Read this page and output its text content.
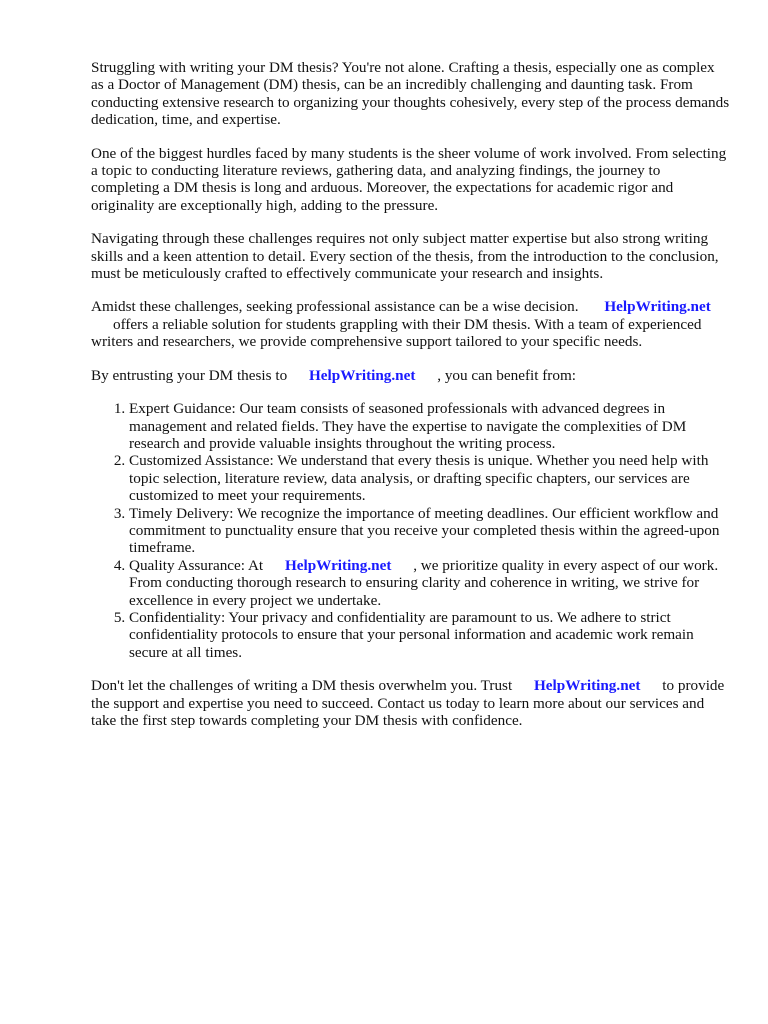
Struggling with writing your DM thesis? You're not alone. Crafting a thesis, especially one as complex as a Doctor of Management (DM) thesis, can be an incredibly challenging and daunting task. From conducting extensive research to organizing your thoughts cohesively, every step of the process demands dedication, time, and expertise.

One of the biggest hurdles faced by many students is the sheer volume of work involved. From selecting a topic to conducting literature reviews, gathering data, and analyzing findings, the journey to completing a DM thesis is long and arduous. Moreover, the expectations for academic rigor and originality are exceptionally high, adding to the pressure.

Navigating through these challenges requires not only subject matter expertise but also strong writing skills and a keen attention to detail. Every section of the thesis, from the introduction to the conclusion, must be meticulously crafted to effectively communicate your research and insights.

Amidst these challenges, seeking professional assistance can be a wise decision. HelpWriting.net
offers a reliable solution for students grappling with their DM thesis. With a team of experienced writers and researchers, we provide comprehensive support tailored to your specific needs.

By entrusting your DM thesis to HelpWriting.net , you can benefit from:

1. Expert Guidance: Our team consists of seasoned professionals with advanced degrees in management and related fields. They have the expertise to navigate the complexities of DM research and provide valuable insights throughout the writing process.
2. Customized Assistance: We understand that every thesis is unique. Whether you need help with topic selection, literature review, data analysis, or drafting specific chapters, our services are customized to meet your requirements.
3. Timely Delivery: We recognize the importance of meeting deadlines. Our efficient workflow and commitment to punctuality ensure that you receive your completed thesis within the agreed-upon timeframe.
4. Quality Assurance: At HelpWriting.net , we prioritize quality in every aspect of our work. From conducting thorough research to ensuring clarity and coherence in writing, we strive for excellence in every project we undertake.
5. Confidentiality: Your privacy and confidentiality are paramount to us. We adhere to strict confidentiality protocols to ensure that your personal information and academic work remain secure at all times.

Don't let the challenges of writing a DM thesis overwhelm you. Trust HelpWriting.net to provide the support and expertise you need to succeed. Contact us today to learn more about our services and take the first step towards completing your DM thesis with confidence.
